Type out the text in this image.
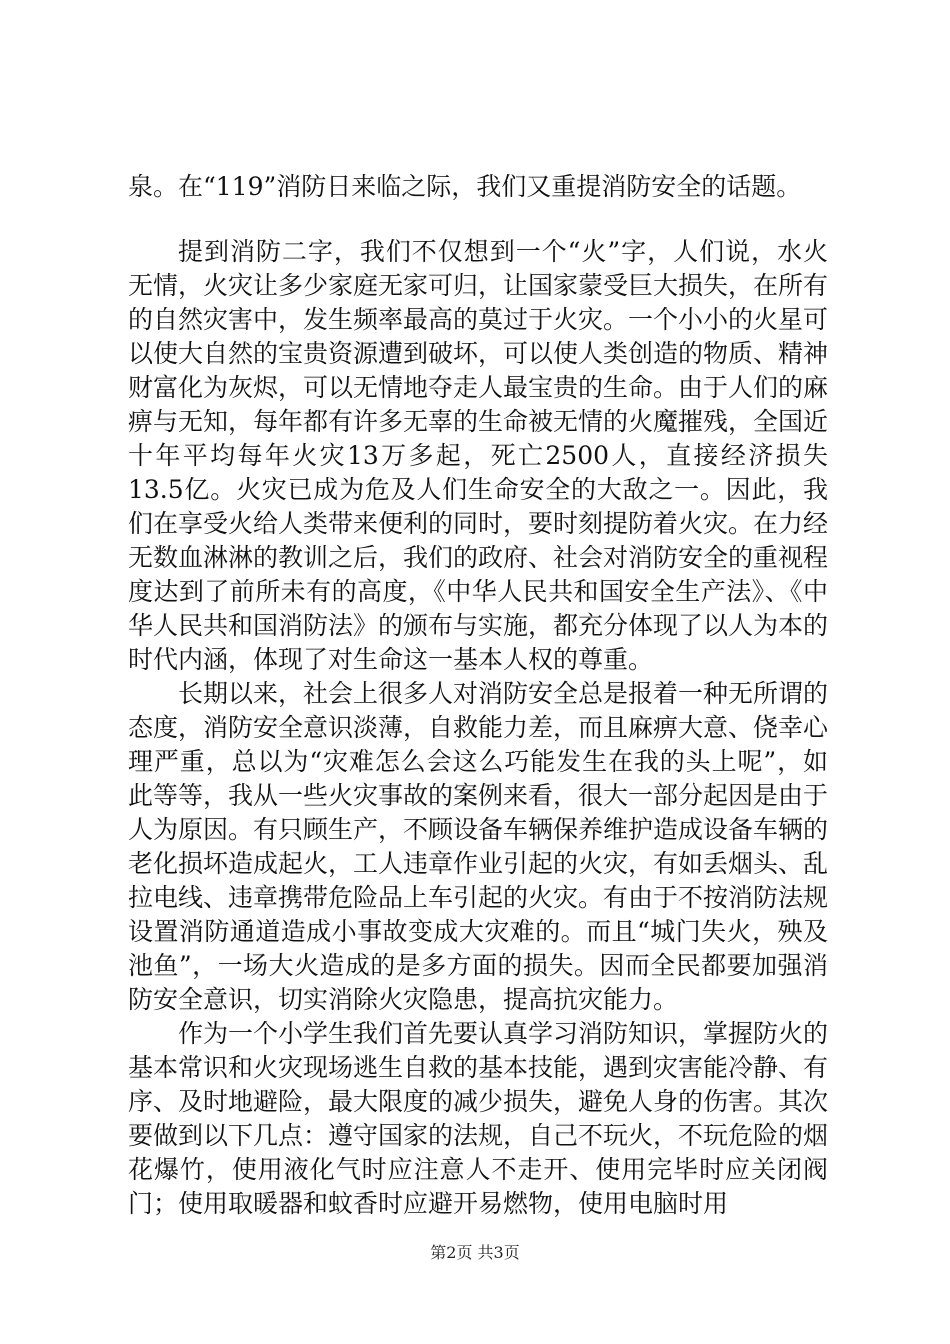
泉。在“119”消防日来临之际，我们又重提消防安全的话题。

提到消防二字，我们不仅想到一个“火”字，人们说，水火无情，火灾让多少家庭无家可归，让国家蒙受巨大损失，在所有的自然灾害中，发生频率最高的莫过于火灾。一个小小的火星可以使大自然的宝贵资源遭到破坏，可以使人类创造的物质、精神财富化为灰烬，可以无情地夺走人最宝贵的生命。由于人们的麻痹与无知，每年都有许多无辜的生命被无情的火魔摧残，全国近十年平均每年火灾13万多起，死亡2500人，直接经济损失13.5亿。火灾已成为危及人们生命安全的大敌之一。因此，我们在享受火给人类带来便利的同时，要时刻提防着火灾。在力经无数血淋淋的教训之后，我们的政府、社会对消防安全的重视程度达到了前所未有的高度，《中华人民共和国安全生产法》、《中华人民共和国消防法》的颁布与实施，都充分体现了以人为本的时代内涵，体现了对生命这一基本人权的尊重。

长期以来，社会上很多人对消防安全总是报着一种无所谓的态度，消防安全意识淡薄，自救能力差，而且麻痹大意、侥幸心理严重，总以为“灾难怎么会这么巧能发生在我的头上呢”，如此等等，我从一些火灾事故的案例来看，很大一部分起因是由于人为原因。有只顾生产，不顾设备车辆保养维护造成设备车辆的老化损坏造成起火，工人违章作业引起的火灾，有如丢烟头、乱拉电线、违章携带危险品上车引起的火灾。有由于不按消防法规设置消防通道造成小事故变成大灾难的。而且“城门失火，殃及池鱼”，一场大火造成的是多方面的损失。因而全民都要加强消防安全意识，切实消除火灾隐患，提高抗灾能力。

作为一个小学生我们首先要认真学习消防知识，掌握防火的基本常识和火灾现场逃生自救的基本技能，遇到灾害能冷静、有序、及时地避险，最大限度的减少损失，避免人身的伤害。其次要做到以下几点：遵守国家的法规，自己不玩火，不玩危险的烟花爆竹，使用液化气时应注意人不走开、使用完毕时应关闭阀门；使用取暖器和蚊香时应避开易燃物，使用电脑时用

第2页 共3页
